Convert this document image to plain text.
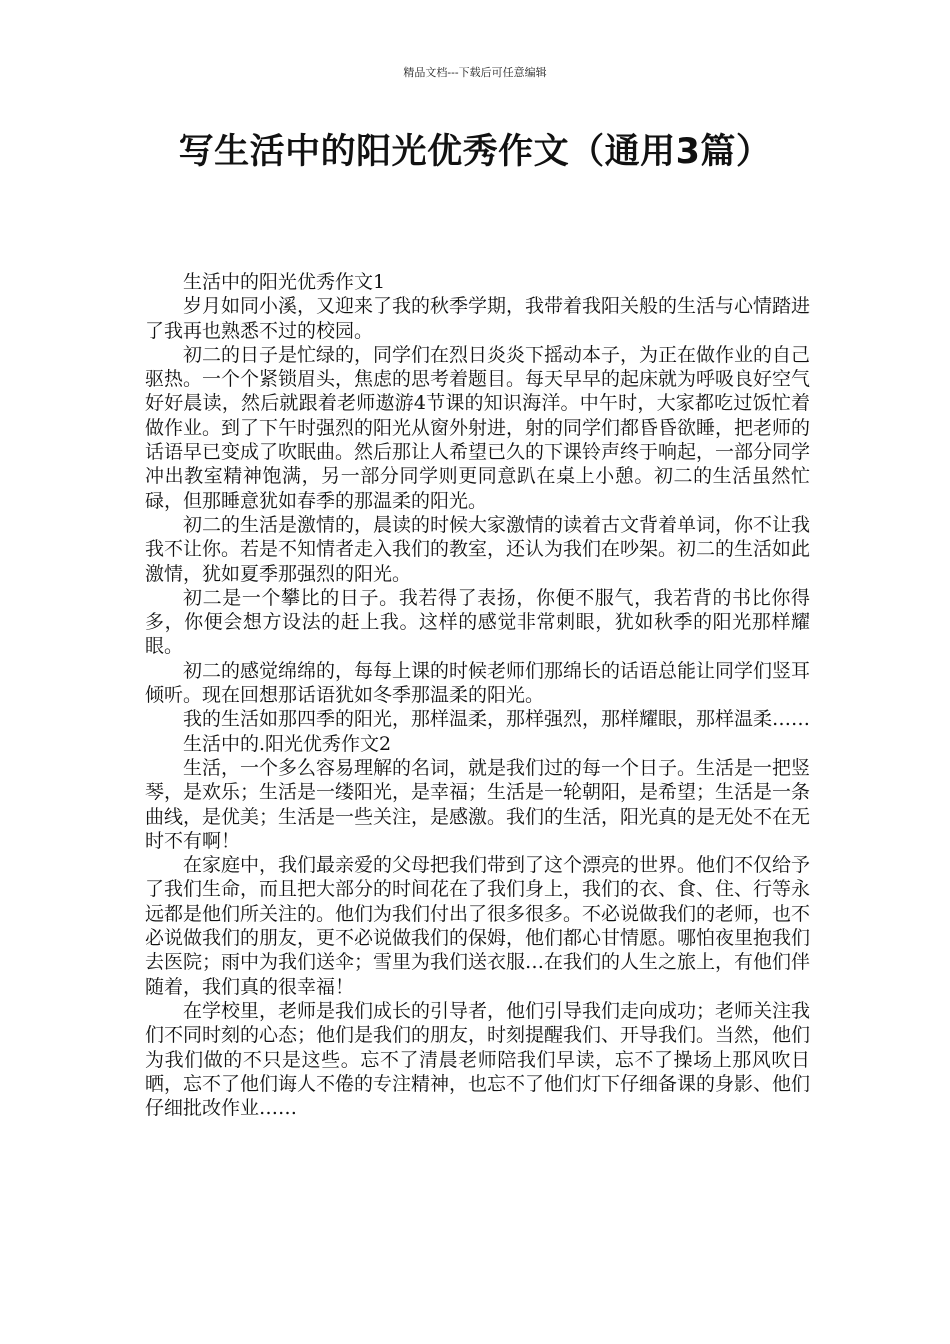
精品文档---下载后可任意编辑
写生活中的阳光优秀作文（通用3篇）

生活中的阳光优秀作文1

岁月如同小溪，又迎来了我的秋季学期，我带着我阳关般的生活与心情踏进了我再也熟悉不过的校园。

初二的日子是忙绿的，同学们在烈日炎炎下摇动本子，为正在做作业的自己驱热。一个个紧锁眉头，焦虑的思考着题目。每天早早的起床就为呼吸良好空气好好晨读，然后就跟着老师遨游4节课的知识海洋。中午时，大家都吃过饭忙着做作业。到了下午时强烈的阳光从窗外射进，射的同学们都昏昏欲睡，把老师的话语早已变成了吹眠曲。然后那让人希望已久的下课铃声终于响起，一部分同学冲出教室精神饱满，另一部分同学则更同意趴在桌上小憩。初二的生活虽然忙碌，但那睡意犹如春季的那温柔的阳光。

初二的生活是激情的，晨读的时候大家激情的读着古文背着单词，你不让我我不让你。若是不知情者走入我们的教室，还认为我们在吵架。初二的生活如此激情，犹如夏季那强烈的阳光。

初二是一个攀比的日子。我若得了表扬，你便不服气，我若背的书比你得多，你便会想方设法的赶上我。这样的感觉非常刺眼，犹如秋季的阳光那样耀眼。

初二的感觉绵绵的，每每上课的时候老师们那绵长的话语总能让同学们竖耳倾听。现在回想那话语犹如冬季那温柔的阳光。

我的生活如那四季的阳光，那样温柔，那样强烈，那样耀眼，那样温柔……

生活中的.阳光优秀作文2

生活，一个多么容易理解的名词，就是我们过的每一个日子。生活是一把竖琴，是欢乐；生活是一缕阳光，是幸福；生活是一轮朝阳，是希望；生活是一条曲线，是优美；生活是一些关注，是感激。我们的生活，阳光真的是无处不在无时不有啊！

在家庭中，我们最亲爱的父母把我们带到了这个漂亮的世界。他们不仅给予了我们生命，而且把大部分的时间花在了我们身上，我们的衣、食、住、行等永远都是他们所关注的。他们为我们付出了很多很多。不必说做我们的老师，也不必说做我们的朋友，更不必说做我们的保姆，他们都心甘情愿。哪怕夜里抱我们去医院；雨中为我们送伞；雪里为我们送衣服…在我们的人生之旅上，有他们伴随着，我们真的很幸福！

在学校里，老师是我们成长的引导者，他们引导我们走向成功；老师关注我们不同时刻的心态；他们是我们的朋友，时刻提醒我们、开导我们。当然，他们为我们做的不只是这些。忘不了清晨老师陪我们早读，忘不了操场上那风吹日晒，忘不了他们诲人不倦的专注精神，也忘不了他们灯下仔细备课的身影、他们仔细批改作业……
